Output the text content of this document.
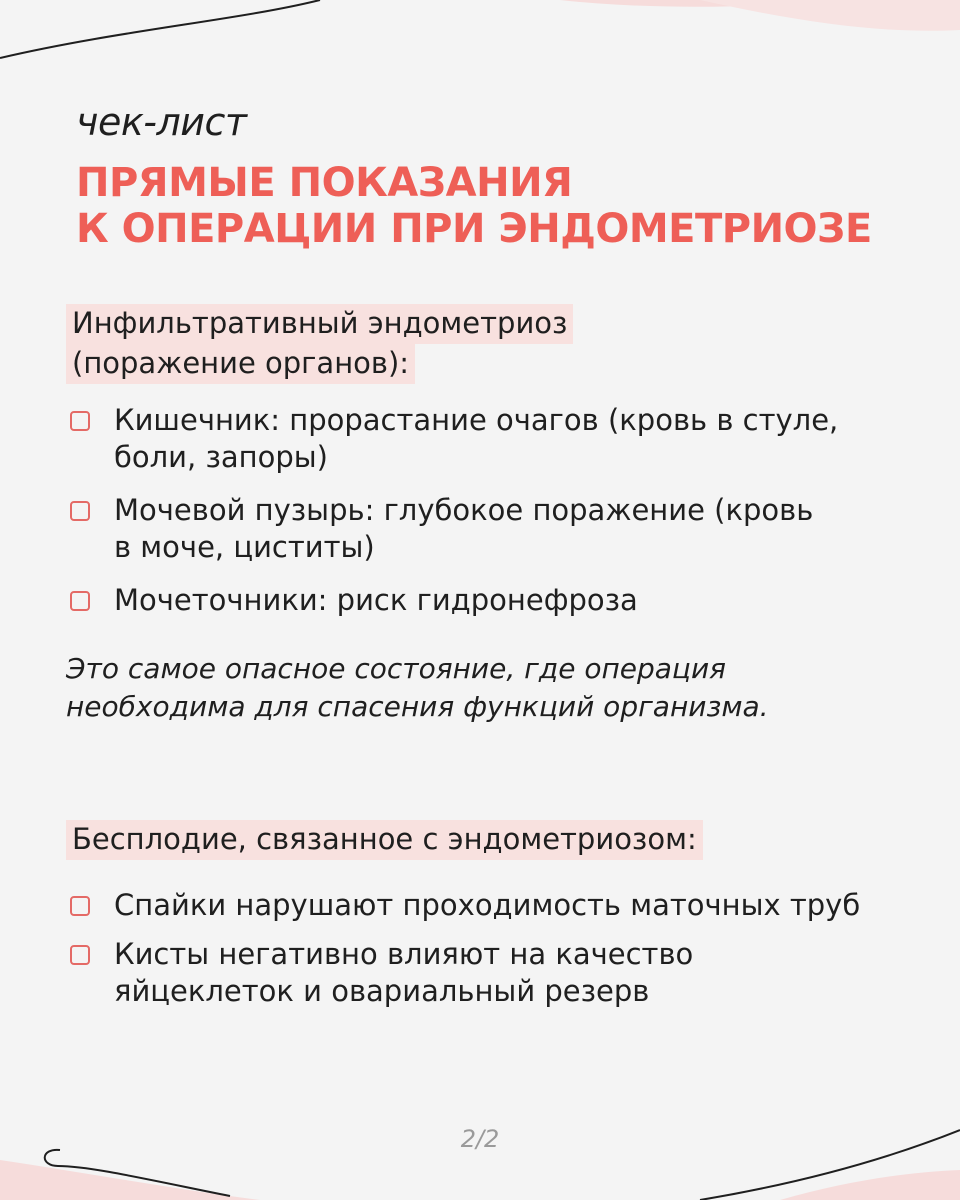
чек-лист
ПРЯМЫЕ ПОКАЗАНИЯ
К ОПЕРАЦИИ ПРИ ЭНДОМЕТРИОЗЕ
Инфильтративный эндометриоз
(поражение органов):
Кишечник: прорастание очагов (кровь в стуле,
боли, запоры)
Мочевой пузырь: глубокое поражение (кровь
в моче, циститы)
Мочеточники: риск гидронефроза
Это самое опасное состояние, где операция
необходима для спасения функций организма.
Бесплодие, связанное с эндометриозом:
Спайки нарушают проходимость маточных труб
Кисты негативно влияют на качество
яйцеклеток и овариальный резерв
2/2
